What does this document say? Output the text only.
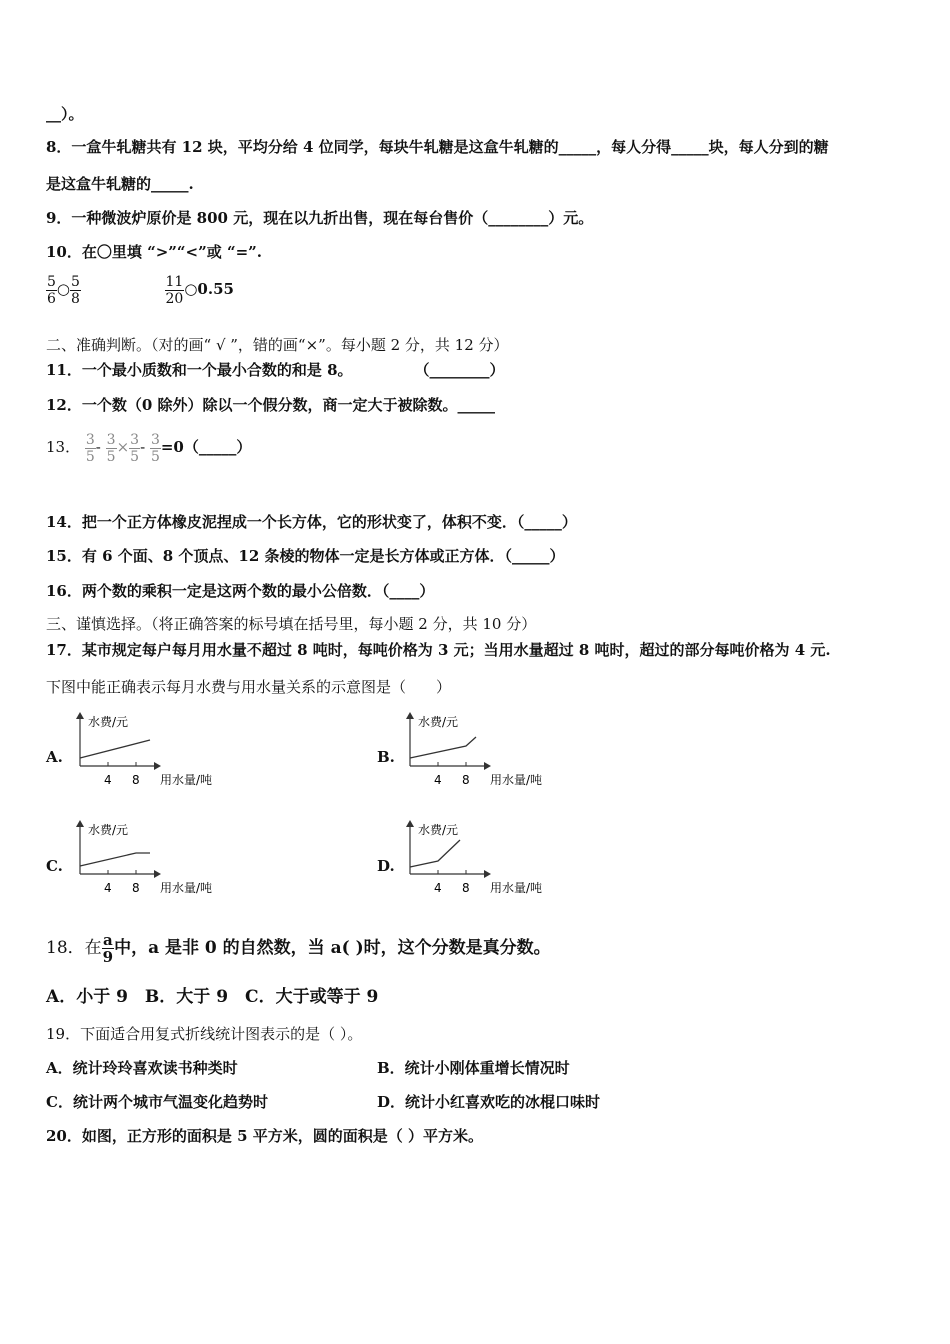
__）。
8．一盒牛轧糖共有 12 块，平均分给 4 位同学，每块牛轧糖是这盒牛轧糖的_____，每人分得_____块，每人分到的糖
是这盒牛轧糖的_____.
9．一种微波炉原价是 800 元，现在以九折出售，现在每台售价（________）元。
10．在〇里填 “>”“<”或 “=”.
$\frac{5}{6}$ ○ $\frac{5}{8}$
	$\frac{11}{20}$ ○0.55
二、准确判断。（对的画“ √ ”，错的画“×”。每小题 2 分，共 12 分）
11．一个最小质数和一个最小合数的和是 8。	（________）
12．一个数（0 除外）除以一个假分数，商一定大于被除数。_____
13． $\frac{3}{5} - \frac{3}{5} \times \frac{3}{5} - \frac{3}{5}$ =0（_____）
14．把一个正方体橡皮泥捏成一个长方体，它的形状变了，体积不变．（_____）
15．有 6 个面、8 个顶点、12 条棱的物体一定是长方体或正方体．（_____）
16．两个数的乘积一定是这两个数的最小公倍数．（____）
三、谨慎选择。（将正确答案的标号填在括号里，每小题 2 分，共 10 分）
17．某市规定每户每月用水量不超过 8 吨时，每吨价格为 3 元；当用水量超过 8 吨时，超过的部分每吨价格为 4 元.
下图中能正确表示每月水费与用水量关系的示意图是（　　）
A.
水费/元
4 8 用水量/吨
B.
水费/元
4 8 用水量/吨
C.
水费/元
4 8 用水量/吨
D.
水费/元
4 8 用水量/吨
18．在 $\frac{a}{9}$ 中，a 是非 0 的自然数，当 a( )时，这个分数是真分数。
A．小于 9　B．大于 9　C．大于或等于 9
19．下面适合用复式折线统计图表示的是（ ）。
A．统计玲玲喜欢读书种类时	B．统计小刚体重增长情况时
C．统计两个城市气温变化趋势时	D．统计小红喜欢吃的冰棍口味时
20．如图，正方形的面积是 5 平方米，圆的面积是（ ）平方米。
